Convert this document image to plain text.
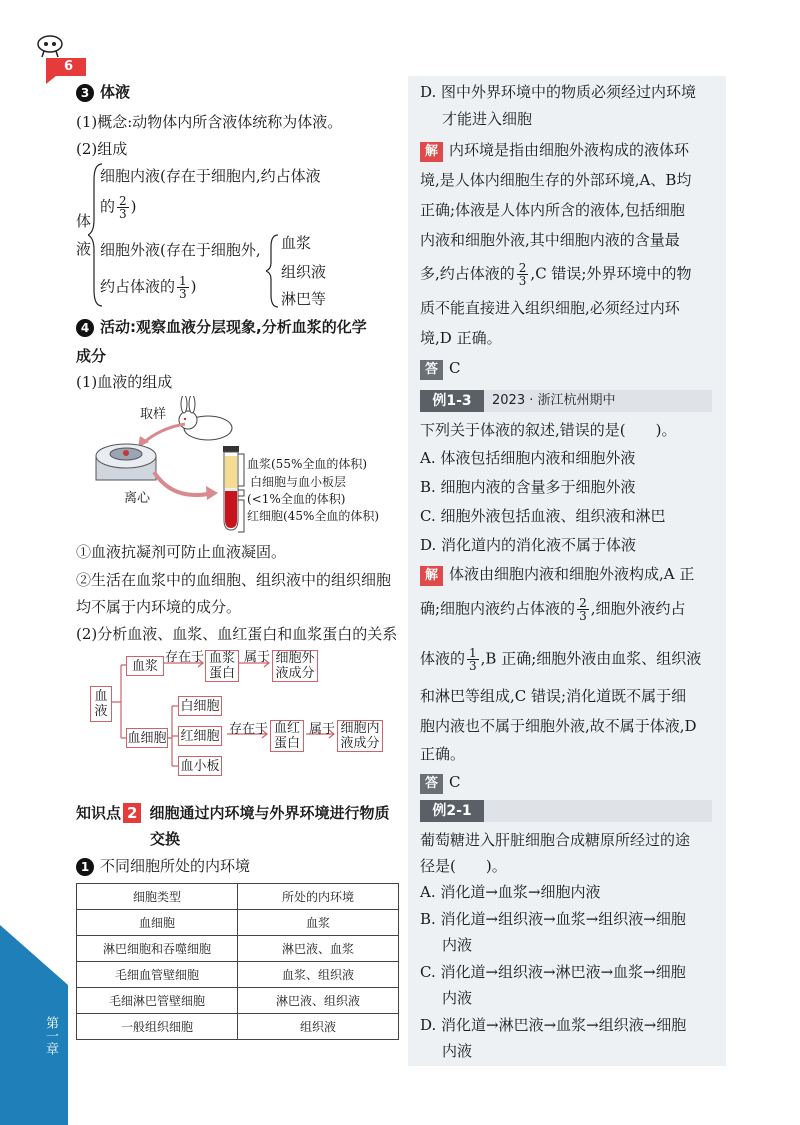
第一章
6
3 体液
(1)概念:动物体内所含液体统称为体液。
(2)组成
体
液
细胞内液(存在于细胞内,约占体液
的 $\frac{2}{3}$ )
细胞外液(存在于细胞外,
约占体液的 $\frac{1}{3}$ )
血浆
组织液
淋巴等
4 活动:观察血液分层现象,分析血浆的化学
成分
(1)血液的组成
取样
离心
血浆(55%全血的体积)
白细胞与血小板层
(<1%全血的体积)
红细胞(45%全血的体积)
①血液抗凝剂可防止血液凝固。
②生活在血浆中的血细胞、组织液中的组织细胞
均不属于内环境的成分。
(2)分析血液、血浆、血红蛋白和血浆蛋白的关系
血液
血浆
存在于 血浆蛋白
属于 细胞外液成分
血细胞
白细胞
红细胞
血小板
存在于 血红蛋白
属于 细胞内液成分
知识点 2 细胞通过内环境与外界环境进行物质
交换
1 不同细胞所处的内环境
细胞类型	所处的内环境
血细胞	血浆
淋巴细胞和吞噬细胞	淋巴液、血浆
毛细血管壁细胞	血浆、组织液
毛细淋巴管壁细胞	淋巴液、组织液
一般组织细胞	组织液
D. 图中外界环境中的物质必须经过内环境
才能进入细胞
解 内环境是指由细胞外液构成的液体环
境,是人体内细胞生存的外部环境,A、B均
正确;体液是人体内所含的液体,包括细胞
内液和细胞外液,其中细胞内液的含量最
多,约占体液的 $\frac{2}{3} ,C$ 错误;外界环境中的物
质不能直接进入组织细胞,必须经过内环
境,D 正确。
答 C
例1-3	2023 · 浙江杭州期中
下列关于体液的叙述,错误的是(　　)。
A. 体液包括细胞内液和细胞外液
B. 细胞内液的含量多于细胞外液
C. 细胞外液包括血液、组织液和淋巴
D. 消化道内的消化液不属于体液
解 体液由细胞内液和细胞外液构成,A 正
确;细胞内液约占体液的 $\frac{2}{3}$ ,细胞外液约占
体液的 $\frac{1}{3} ,B$ 正确;细胞外液由血浆、组织液
和淋巴等组成,C 错误;消化道既不属于细
胞内液也不属于细胞外液,故不属于体液,D
正确。
答 C
例2-1
葡萄糖进入肝脏细胞合成糖原所经过的途
径是(　　)。
A. 消化道→血浆→细胞内液
B. 消化道→组织液→血浆→组织液→细胞
内液
C. 消化道→组织液→淋巴液→血浆→细胞
内液
D. 消化道→淋巴液→血浆→组织液→细胞
内液
